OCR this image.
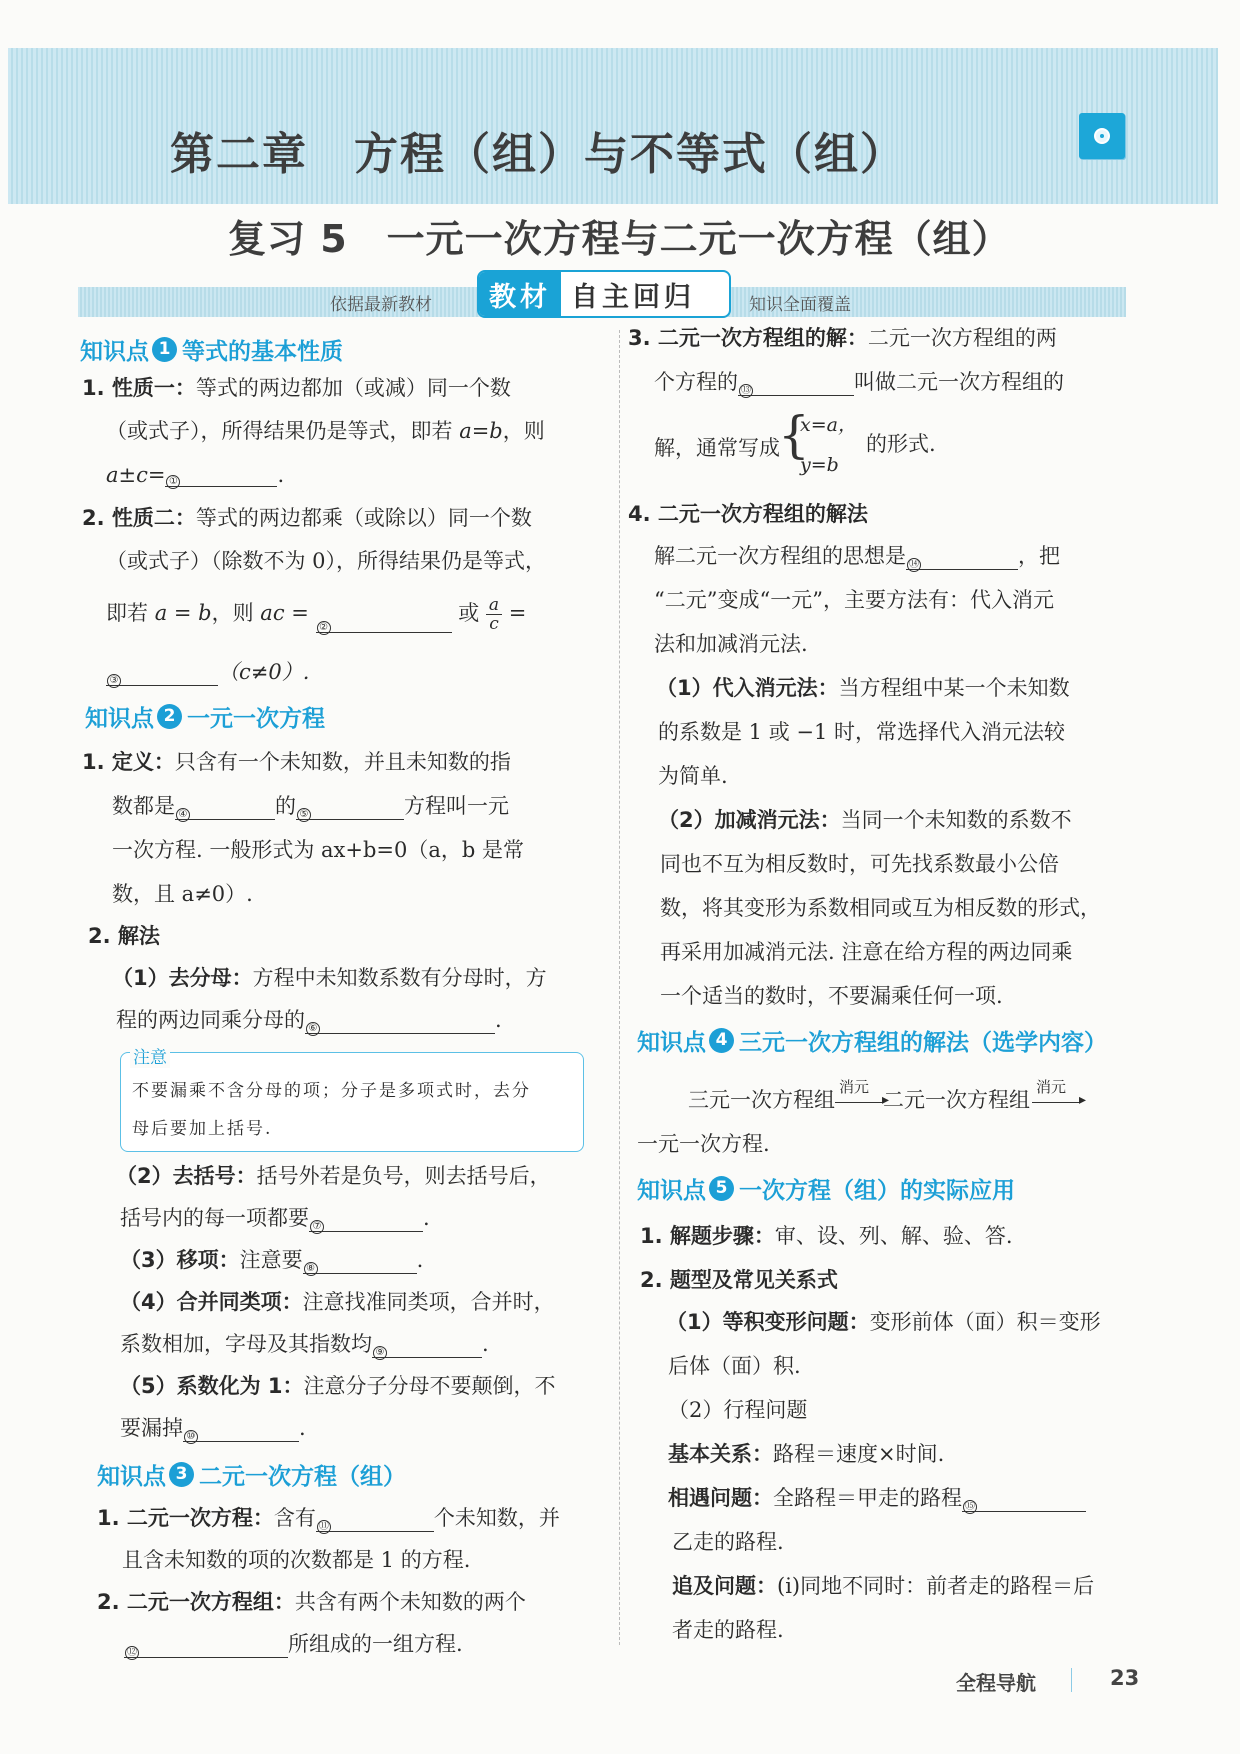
第二章　方程（组）与不等式（组）
复习 5　一元一次方程与二元一次方程（组）
依据最新教材	教材 自主回归	知识全面覆盖
知识点 1 等式的基本性质
1. 性质一：等式的两边都加（或减）同一个数
（或式子），所得结果仍是等式，即若 a=b，则
a±c= ①	.
2. 性质二：等式的两边都乘（或除以）同一个数
（或式子）（除数不为 0），所得结果仍是等式，
即若 a = b，则 ac =
②
或 $\frac{a}{c}$ =
③	（c≠0）.
知识点 2 一元一次方程
1. 定义：只含有一个未知数，并且未知数的指
数都是 ④	的 ⑤	方程叫一元
一次方程. 一般形式为 ax+b=0（a，b 是常
数，且 a≠0）.
2. 解法
（1）去分母：方程中未知数系数有分母时，方
程的两边同乘分母的 ⑥	.
注意
不要漏乘不含分母的项；分子是多项式时，去分
母后要加上括号.
（2）去括号：括号外若是负号，则去括号后，
括号内的每一项都要 ⑦	.
（3）移项：注意要 ⑧	.
（4）合并同类项：注意找准同类项，合并时，
系数相加，字母及其指数均 ⑨	.
（5）系数化为 1：注意分子分母不要颠倒，不
要漏掉 ⑩	.
知识点 3 二元一次方程（组）
1. 二元一次方程：含有 ⑪	个未知数，并
且含未知数的项的次数都是 1 的方程.
2. 二元一次方程组：共含有两个未知数的两个
⑫	所组成的一组方程.
3. 二元一次方程组的解：二元一次方程组的两
个方程的 ⑬	叫做二元一次方程组的
解，通常写成
{
x=a，
y=b
的形式.
4. 二元一次方程组的解法
解二元一次方程组的思想是 ⑭	，把
“二元”变成“一元”，主要方法有：代入消元
法和加减消元法.
（1）代入消元法：当方程组中某一个未知数
的系数是 1 或 −1 时，常选择代入消元法较
为简单.
（2）加减消元法：当同一个未知数的系数不
同也不互为相反数时，可先找系数最小公倍
数，将其变形为系数相同或互为相反数的形式，
再采用加减消元法. 注意在给方程的两边同乘
一个适当的数时，不要漏乘任何一项.
知识点 4 三元一次方程组的解法（选学内容）
三元一次方程组
消元
▸
二元一次方程组
消元
▸
一元一次方程.
知识点 5 一次方程（组）的实际应用
1. 解题步骤：审、设、列、解、验、答.
2. 题型及常见关系式
（1）等积变形问题：变形前体（面）积＝变形
后体（面）积.
（2）行程问题
基本关系：路程＝速度×时间.
相遇问题：全路程＝甲走的路程 ⑮
乙走的路程.
追及问题：(ⅰ)同地不同时：前者走的路程＝后
者走的路程.
全程导航	23
